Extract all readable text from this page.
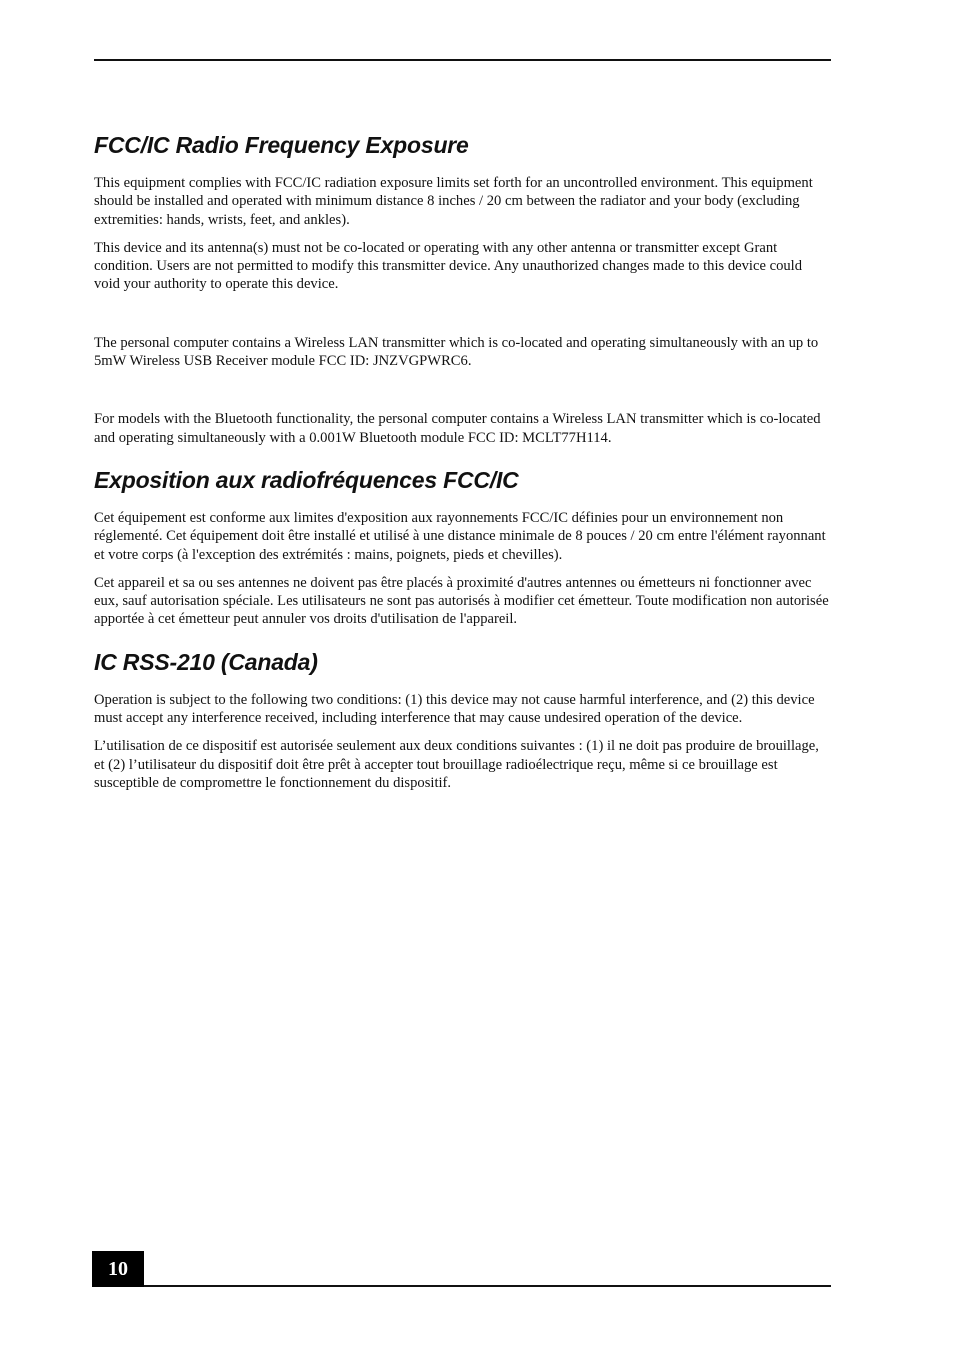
FCC/IC Radio Frequency Exposure

This equipment complies with FCC/IC radiation exposure limits set forth for an uncontrolled environment. This equipment should be installed and operated with minimum distance 8 inches / 20 cm between the radiator and your body (excluding extremities: hands, wrists, feet, and ankles).

This device and its antenna(s) must not be co-located or operating with any other antenna or transmitter except Grant condition. Users are not permitted to modify this transmitter device. Any unauthorized changes made to this device could void your authority to operate this device.

The personal computer contains a Wireless LAN transmitter which is co-located and operating simultaneously with an up to 5mW Wireless USB Receiver module FCC ID: JNZVGPWRC6.

For models with the Bluetooth functionality, the personal computer contains a Wireless LAN transmitter which is co-located and operating simultaneously with a 0.001W Bluetooth module FCC ID: MCLT77H114.

Exposition aux radiofréquences FCC/IC

Cet équipement est conforme aux limites d'exposition aux rayonnements FCC/IC définies pour un environnement non réglementé. Cet équipement doit être installé et utilisé à une distance minimale de 8 pouces / 20 cm entre l'élément rayonnant et votre corps (à l'exception des extrémités : mains, poignets, pieds et chevilles).

Cet appareil et sa ou ses antennes ne doivent pas être placés à proximité d'autres antennes ou émetteurs ni fonctionner avec eux, sauf autorisation spéciale. Les utilisateurs ne sont pas autorisés à modifier cet émetteur. Toute modification non autorisée apportée à cet émetteur peut annuler vos droits d'utilisation de l'appareil.

IC RSS-210 (Canada)

Operation is subject to the following two conditions: (1) this device may not cause harmful interference, and (2) this device must accept any interference received, including interference that may cause undesired operation of the device.

L’utilisation de ce dispositif est autorisée seulement aux deux conditions suivantes : (1) il ne doit pas produire de brouillage, et (2) l’utilisateur du dispositif doit être prêt à accepter tout brouillage radioélectrique reçu, même si ce brouillage est susceptible de compromettre le fonctionnement du dispositif.

10
